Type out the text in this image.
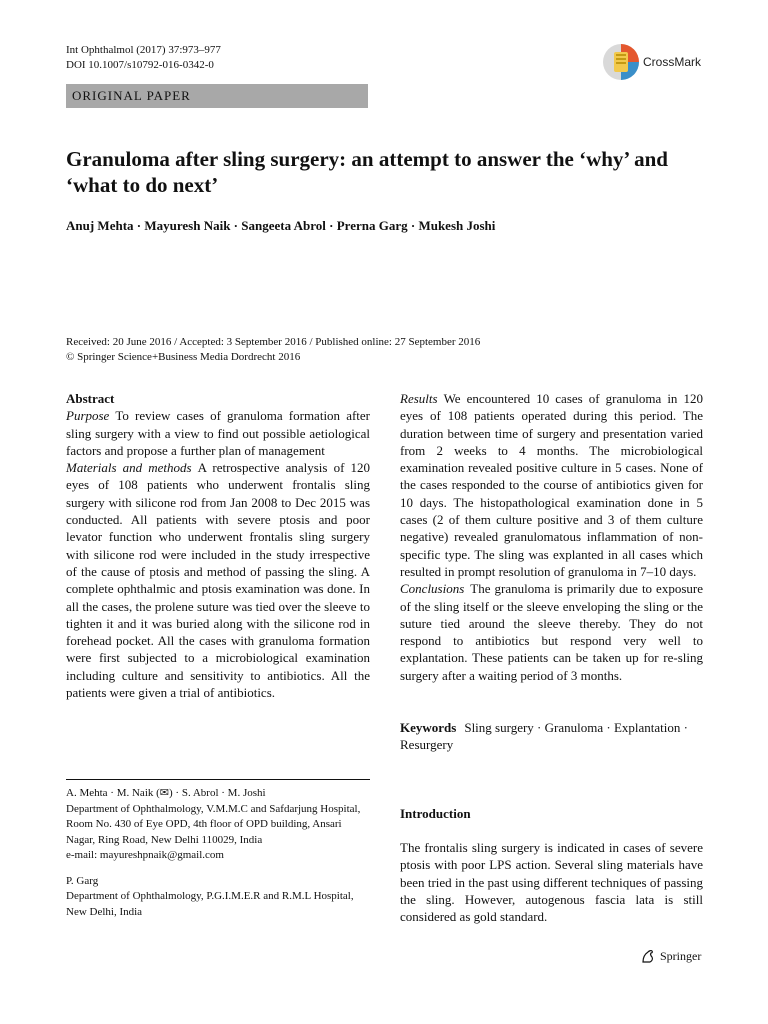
Int Ophthalmol (2017) 37:973–977
DOI 10.1007/s10792-016-0342-0	CrossMark
ORIGINAL PAPER
Granuloma after sling surgery: an attempt to answer the ‘why’ and ‘what to do next’
Anuj Mehta · Mayuresh Naik · Sangeeta Abrol · Prerna Garg · Mukesh Joshi
Received: 20 June 2016 / Accepted: 3 September 2016 / Published online: 27 September 2016
© Springer Science+Business Media Dordrecht 2016

Abstract

Purpose To review cases of granuloma formation after sling surgery with a view to find out possible aetiological factors and propose a further plan of management

Materials and methods A retrospective analysis of 120 eyes of 108 patients who underwent frontalis sling surgery with silicone rod from Jan 2008 to Dec 2015 was conducted. All patients with severe ptosis and poor levator function who underwent frontalis sling surgery with silicone rod were included in the study irrespective of the cause of ptosis and method of passing the sling. A complete ophthalmic and ptosis examination was done. In all the cases, the prolene suture was tied over the sleeve to tighten it and it was buried along with the silicone rod in forehead pocket. All the cases with granuloma formation were first subjected to a microbiological examination including culture and sensitivity to antibiotics. All the patients were given a trial of antibiotics.

Results We encountered 10 cases of granuloma in 120 eyes of 108 patients operated during this period. The duration between time of surgery and presentation varied from 2 weeks to 4 months. The microbiological examination revealed positive culture in 5 cases. None of the cases responded to the course of antibiotics given for 10 days. The histopathological examination done in 5 cases (2 of them culture positive and 3 of them culture negative) revealed granulomatous inflammation of non-specific type. The sling was explanted in all cases which resulted in prompt resolution of granuloma in 7–10 days.

Conclusions The granuloma is primarily due to exposure of the sling itself or the sleeve enveloping the sling or the suture tied around the sleeve thereby. They do not respond to antibiotics but respond very well to explantation. These patients can be taken up for re-sling surgery after a waiting period of 3 months.

Keywords Sling surgery · Granuloma · Explantation · Resurgery

A. Mehta · M. Naik (✉) · S. Abrol · M. Joshi

Department of Ophthalmology, V.M.M.C and Safdarjung Hospital, Room No. 430 of Eye OPD, 4th floor of OPD building, Ansari Nagar, Ring Road, New Delhi 110029, India

e-mail: mayureshpnaik@gmail.com

P. Garg

Department of Ophthalmology, P.G.I.M.E.R and R.M.L Hospital, New Delhi, India

Introduction
The frontalis sling surgery is indicated in cases of severe ptosis with poor LPS action. Several sling materials have been tried in the past using different techniques of passing the sling. However, autogenous fascia lata is still considered as gold standard.
Springer
